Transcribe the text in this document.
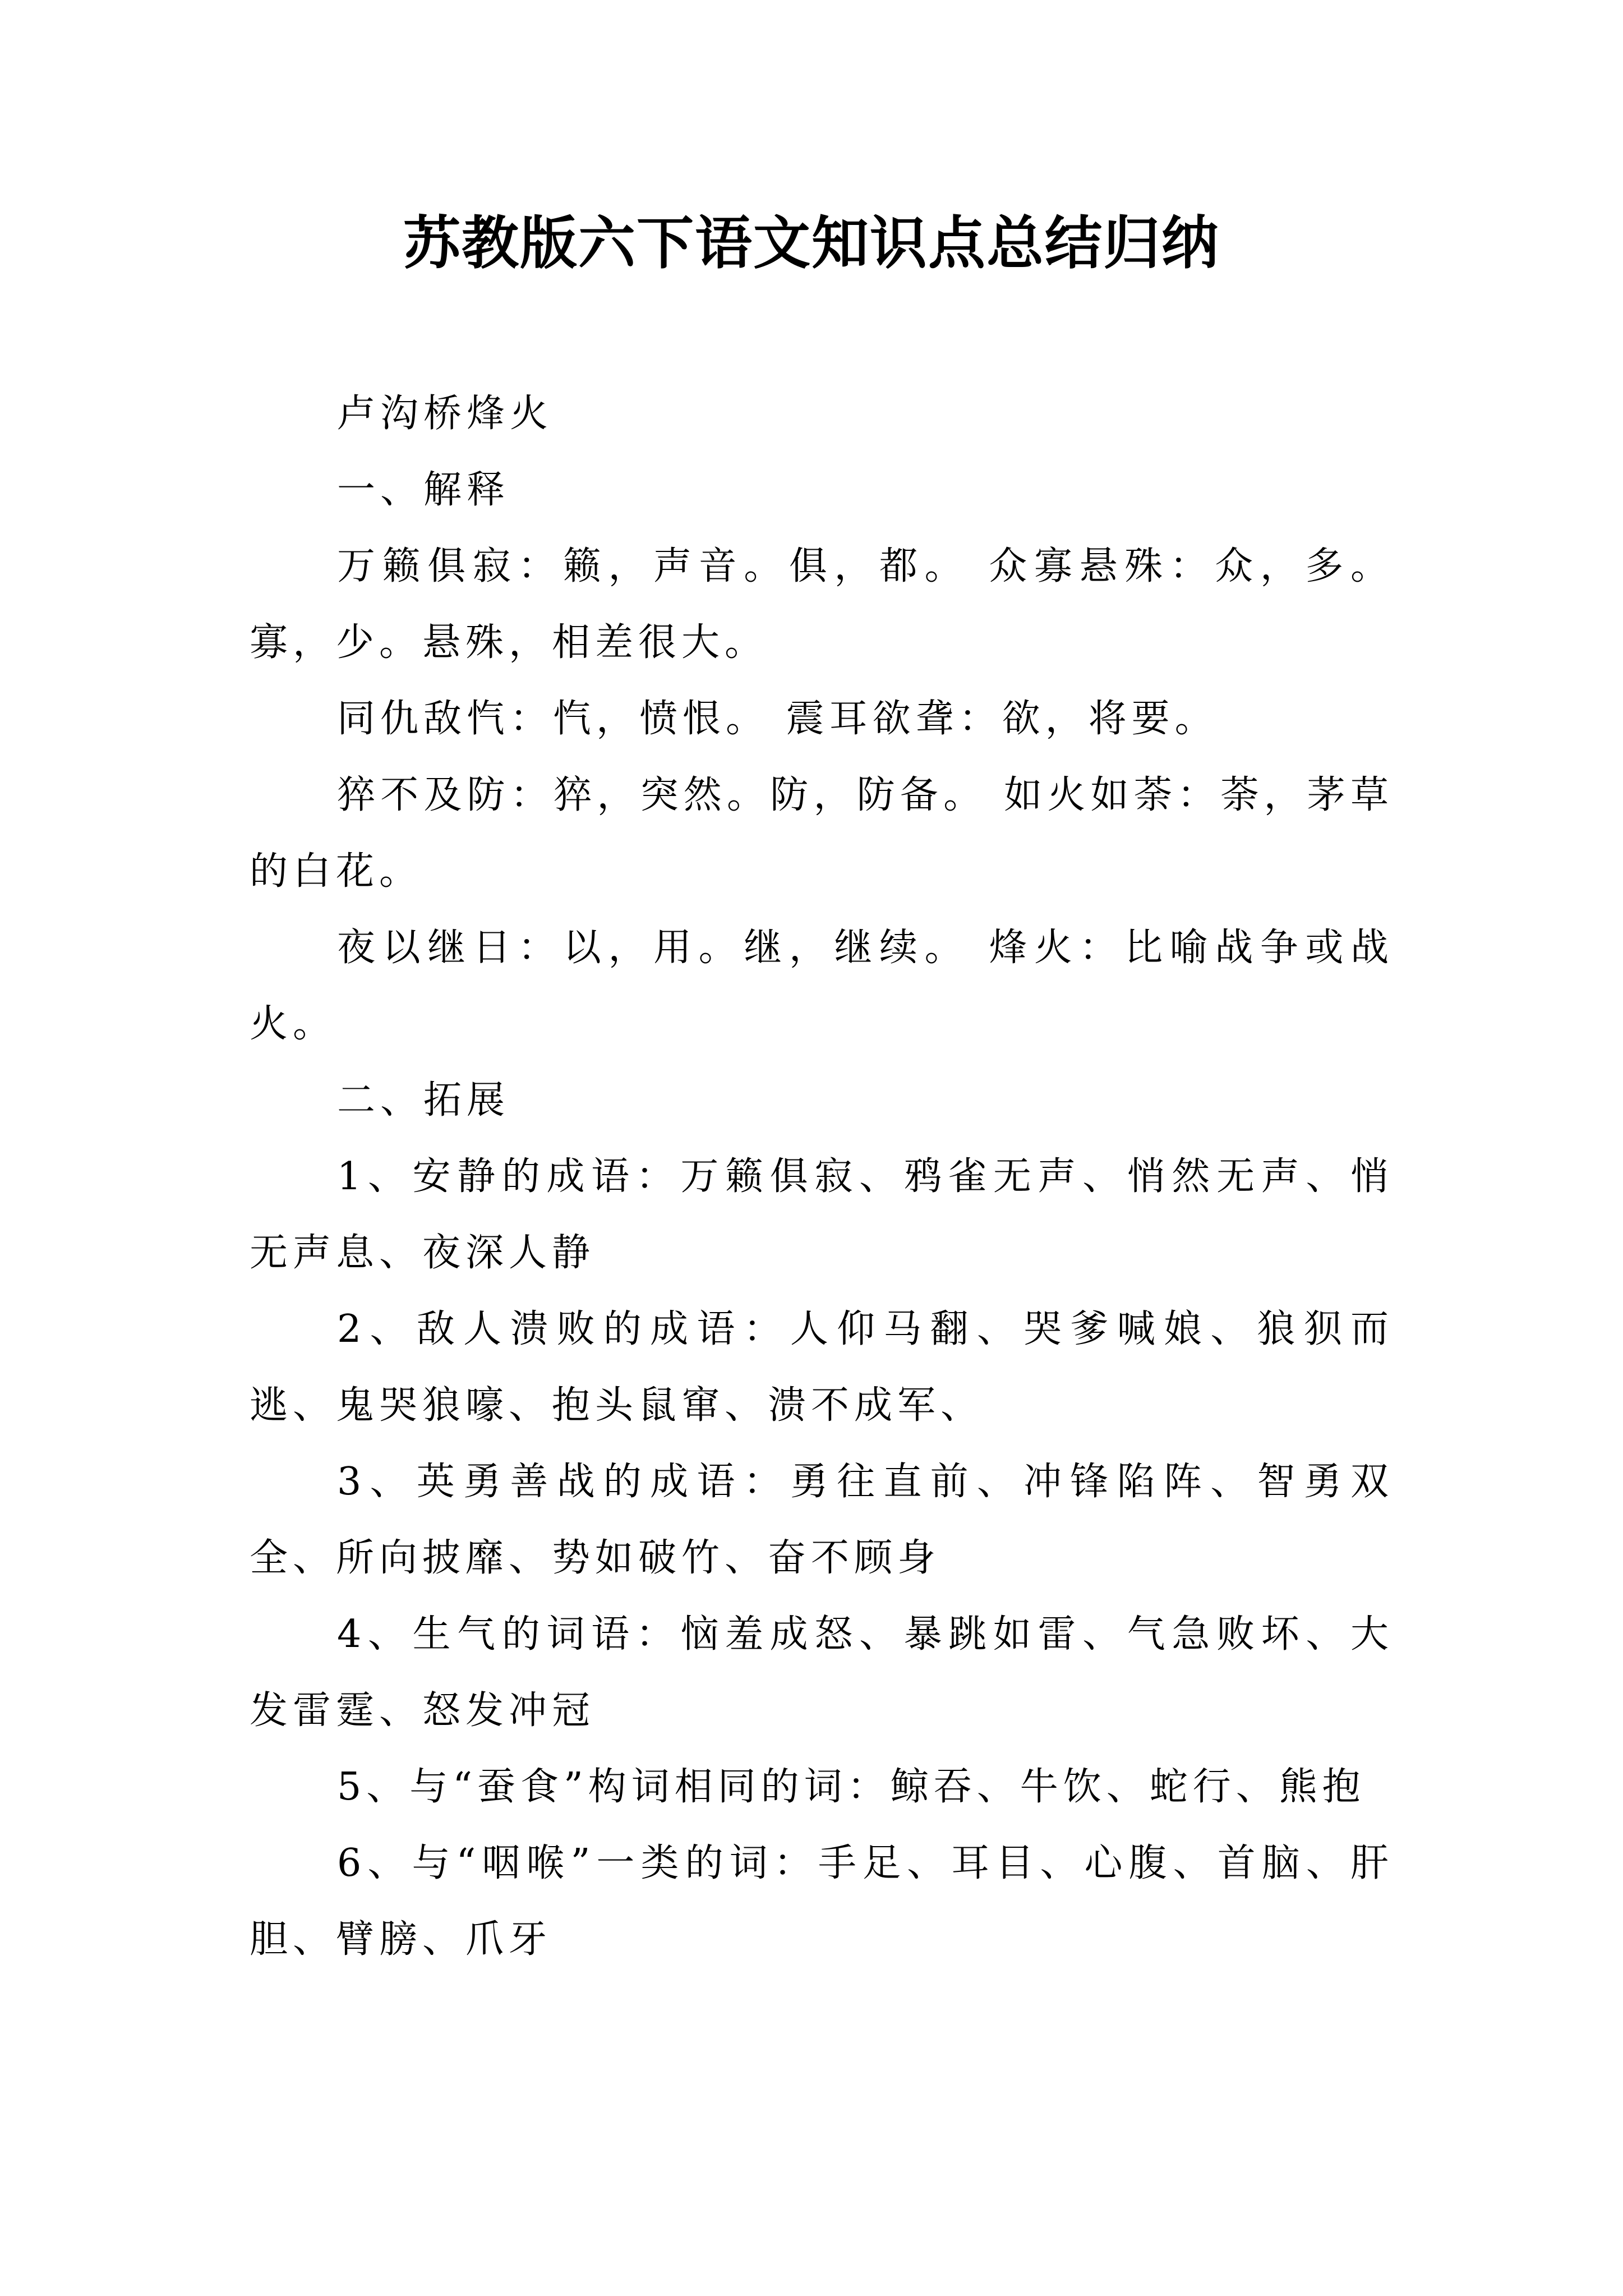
苏教版六下语文知识点总结归纳

卢沟桥烽火

一、解释

万籁俱寂：籁，声音。俱，都。 众寡悬殊：众，多。寡，少。悬殊，相差很大。

同仇敌忾：忾，愤恨。 震耳欲聋：欲，将要。

猝不及防：猝，突然。防，防备。 如火如荼：荼，茅草的白花。

夜以继日：以，用。继，继续。 烽火：比喻战争或战火。

二、拓展

1、安静的成语：万籁俱寂、鸦雀无声、悄然无声、悄无声息、夜深人静

2、敌人溃败的成语：人仰马翻、哭爹喊娘、狼狈而逃、鬼哭狼嚎、抱头鼠窜、溃不成军、

3、英勇善战的成语：勇往直前、冲锋陷阵、智勇双全、所向披靡、势如破竹、奋不顾身

4、生气的词语：恼羞成怒、暴跳如雷、气急败坏、大发雷霆、怒发冲冠

5、与“蚕食”构词相同的词：鲸吞、牛饮、蛇行、熊抱

6、与“咽喉”一类的词：手足、耳目、心腹、首脑、肝胆、臂膀、爪牙
